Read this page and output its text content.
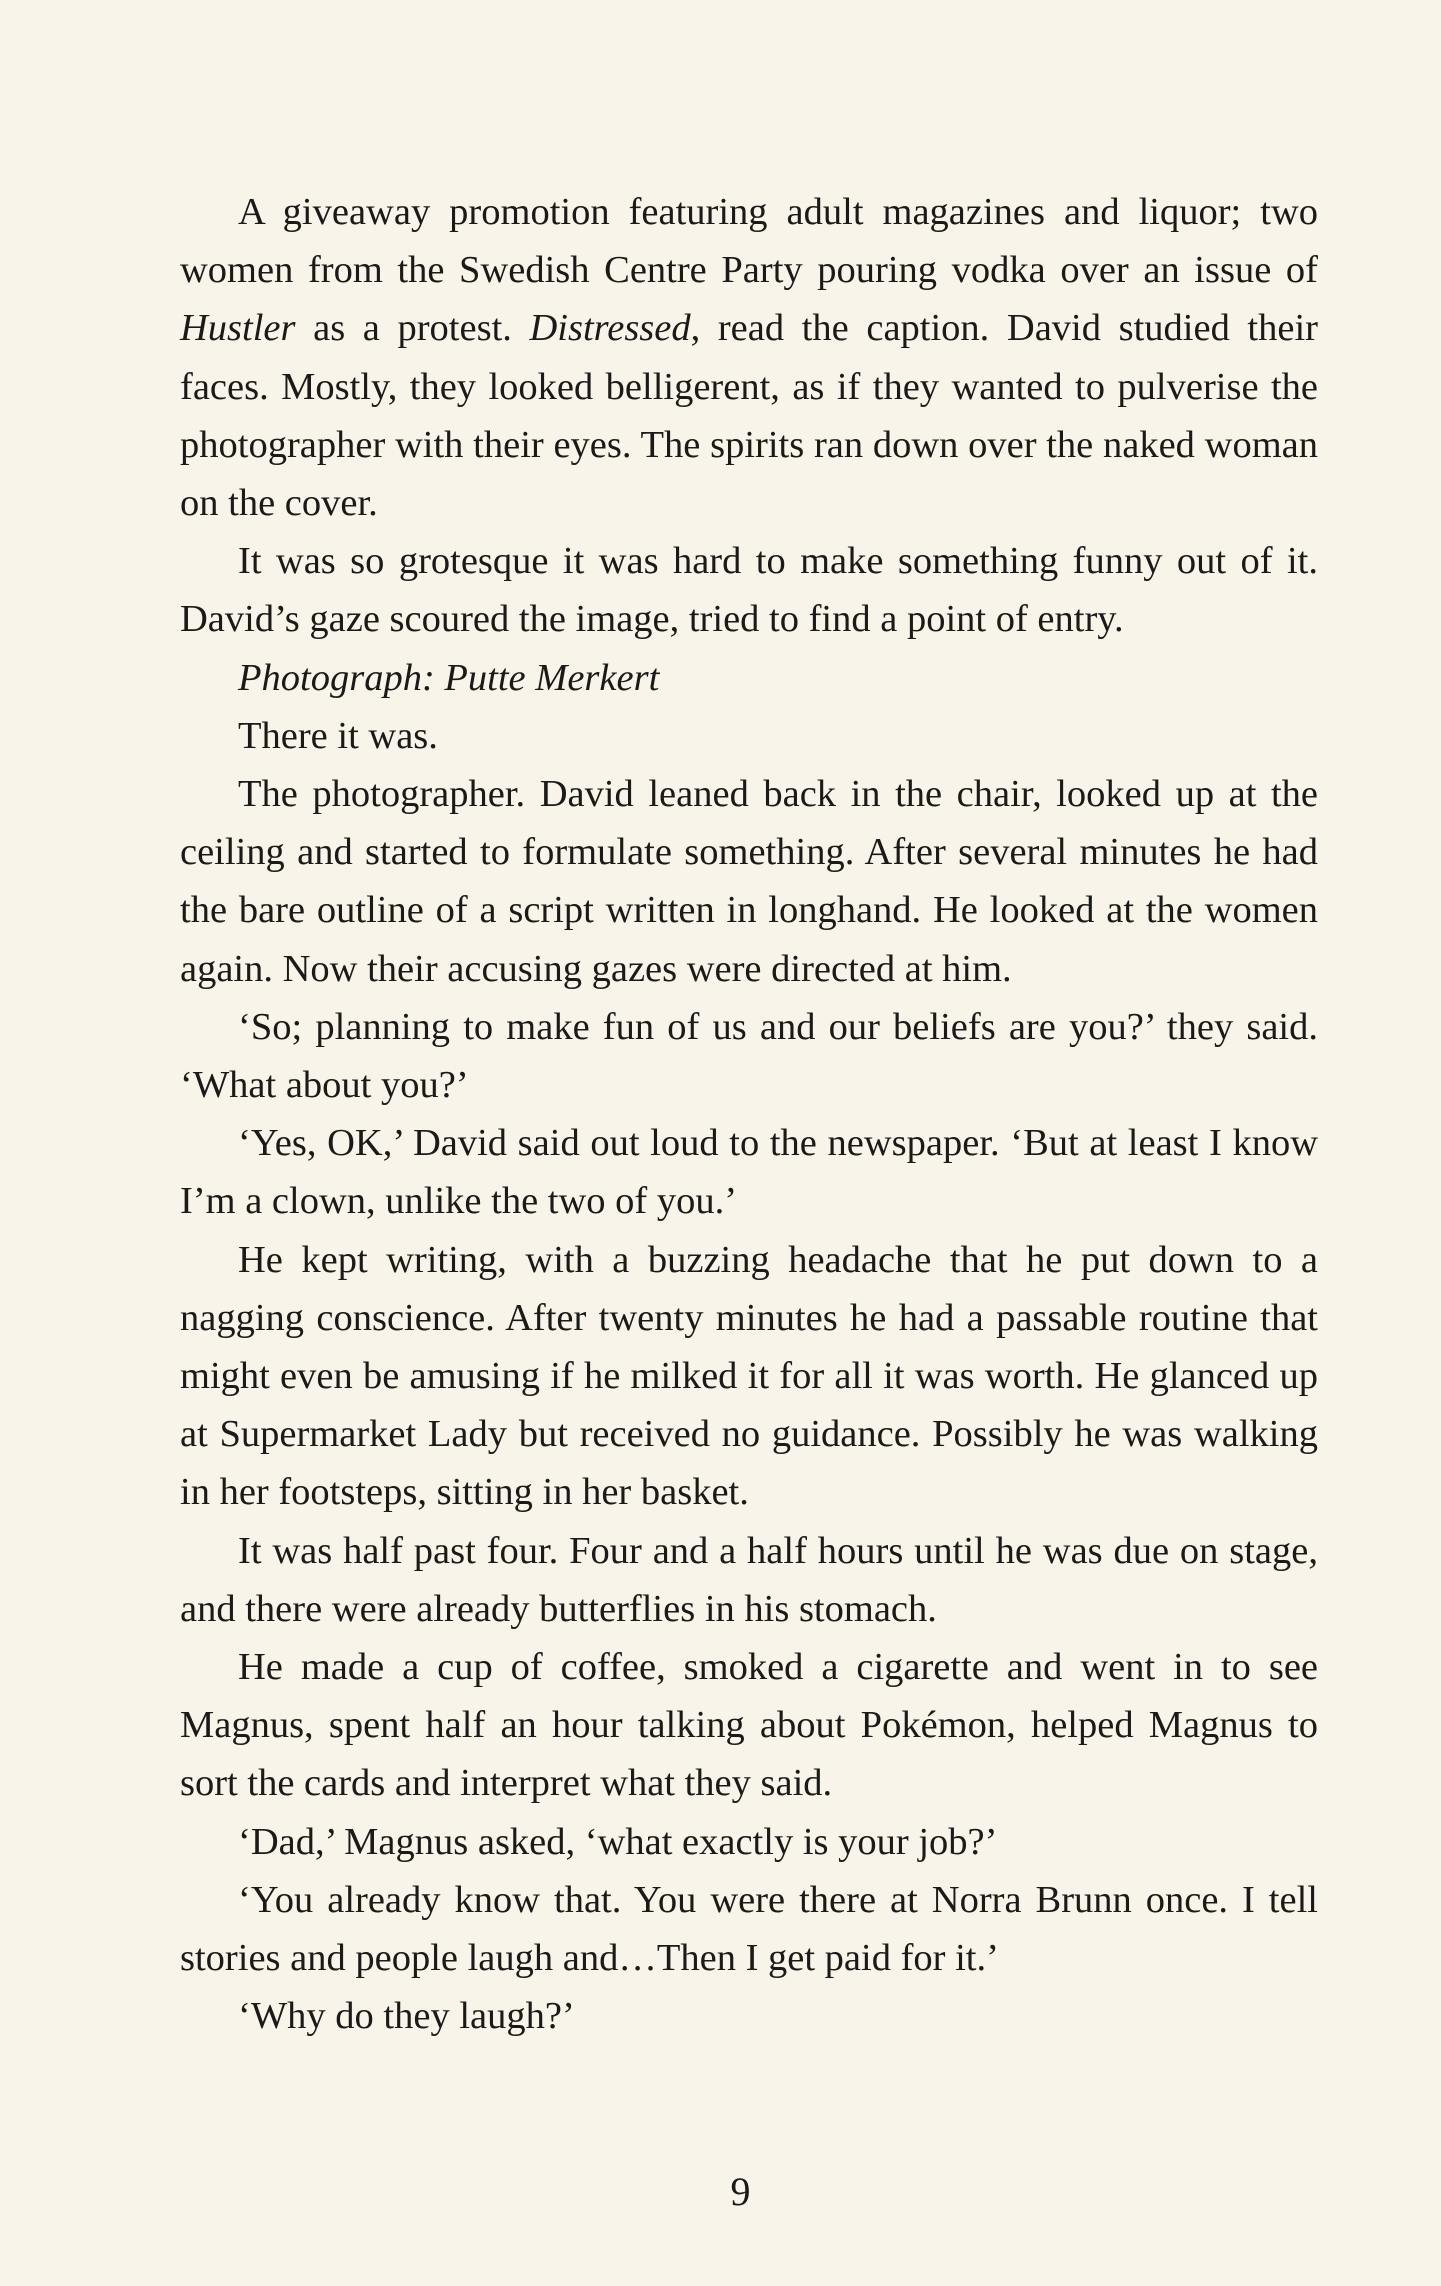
A giveaway promotion featuring adult magazines and liquor; two women from the Swedish Centre Party pouring vodka over an issue of Hustler as a protest. Distressed, read the caption. David studied their faces. Mostly, they looked belligerent, as if they wanted to pulverise the photographer with their eyes. The spirits ran down over the naked woman on the cover.

It was so grotesque it was hard to make something funny out of it. David’s gaze scoured the image, tried to find a point of entry.

Photograph: Putte Merkert

There it was.

The photographer. David leaned back in the chair, looked up at the ceiling and started to formulate something. After several minutes he had the bare outline of a script written in longhand. He looked at the women again. Now their accusing gazes were directed at him.

‘So; planning to make fun of us and our beliefs are you?’ they said. ‘What about you?’

‘Yes, OK,’ David said out loud to the newspaper. ‘But at least I know I’m a clown, unlike the two of you.’

He kept writing, with a buzzing headache that he put down to a nagging conscience. After twenty minutes he had a passable routine that might even be amusing if he milked it for all it was worth. He glanced up at Supermarket Lady but received no guidance. Possibly he was walking in her footsteps, sitting in her basket.

It was half past four. Four and a half hours until he was due on stage, and there were already butterflies in his stomach.

He made a cup of coffee, smoked a cigarette and went in to see Magnus, spent half an hour talking about Pokémon, helped Magnus to sort the cards and interpret what they said.

‘Dad,’ Magnus asked, ‘what exactly is your job?’

‘You already know that. You were there at Norra Brunn once. I tell stories and people laugh and…Then I get paid for it.’

‘Why do they laugh?’

9
